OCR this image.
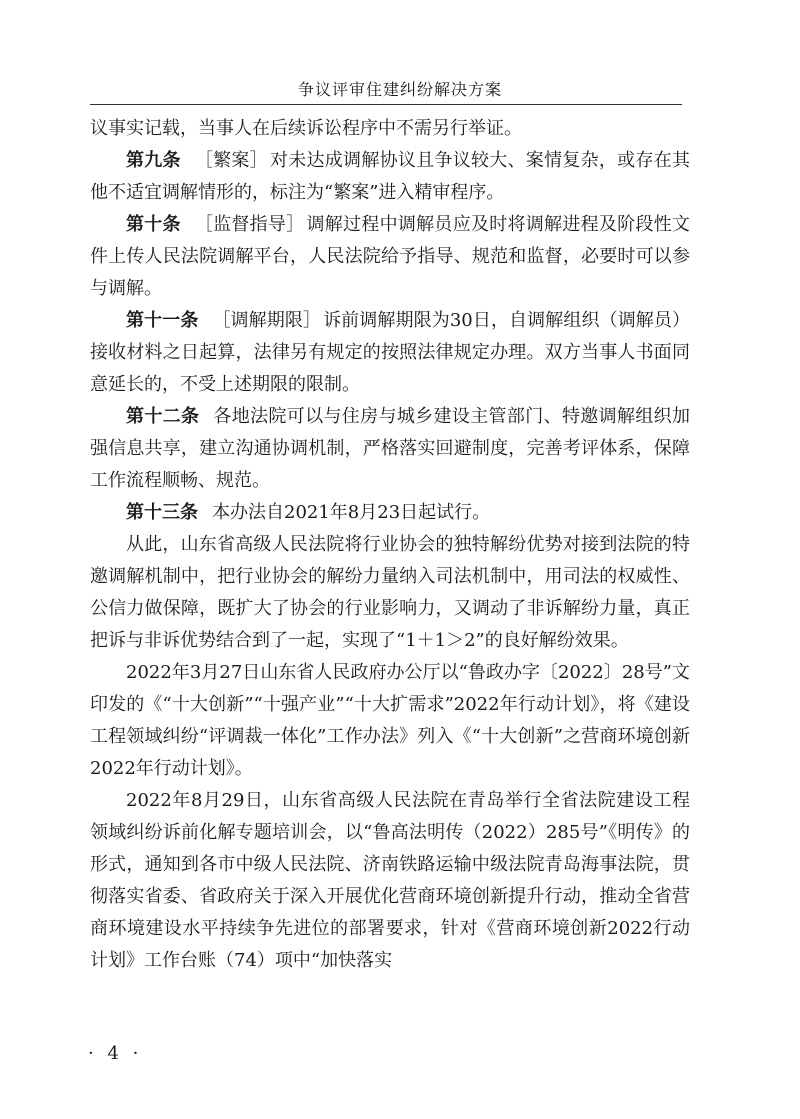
争议评审住建纠纷解决方案

议事实记载，当事人在后续诉讼程序中不需另行举证。

第九条 ［繁案］ 对未达成调解协议且争议较大、案情复杂，或存在其他不适宜调解情形的，标注为“繁案”进入精审程序。

第十条 ［监督指导］ 调解过程中调解员应及时将调解进程及阶段性文件上传人民法院调解平台，人民法院给予指导、规范和监督，必要时可以参与调解。

第十一条 ［调解期限］ 诉前调解期限为30日，自调解组织（调解员）接收材料之日起算，法律另有规定的按照法律规定办理。双方当事人书面同意延长的，不受上述期限的限制。

第十二条 各地法院可以与住房与城乡建设主管部门、特邀调解组织加强信息共享，建立沟通协调机制，严格落实回避制度，完善考评体系，保障工作流程顺畅、规范。

第十三条 本办法自2021年8月23日起试行。

从此，山东省高级人民法院将行业协会的独特解纷优势对接到法院的特邀调解机制中，把行业协会的解纷力量纳入司法机制中，用司法的权威性、公信力做保障，既扩大了协会的行业影响力，又调动了非诉解纷力量，真正把诉与非诉优势结合到了一起，实现了“1＋1＞2”的良好解纷效果。

2022年3月27日山东省人民政府办公厅以“鲁政办字〔2022〕28号”文印发的《“十大创新”“十强产业”“十大扩需求”2022年行动计划》，将《建设工程领域纠纷“评调裁一体化”工作办法》列入《“十大创新”之营商环境创新2022年行动计划》。

2022年8月29日，山东省高级人民法院在青岛举行全省法院建设工程领域纠纷诉前化解专题培训会，以“鲁高法明传（2022）285号”《明传》的形式，通知到各市中级人民法院、济南铁路运输中级法院青岛海事法院，贯彻落实省委、省政府关于深入开展优化营商环境创新提升行动，推动全省营商环境建设水平持续争先进位的部署要求，针对《营商环境创新2022行动计划》工作台账（74）项中“加快落实

· 4 ·
